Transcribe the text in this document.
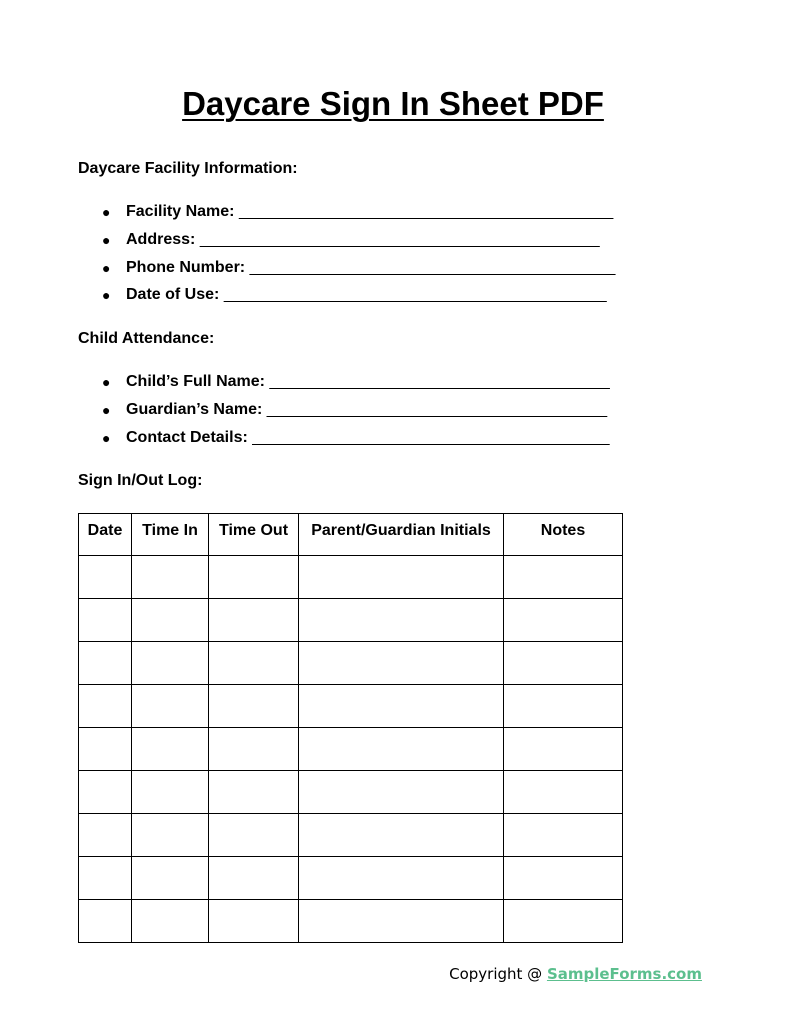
Daycare Sign In Sheet PDF
Daycare Facility Information:
● Facility Name: ____________________________________________
● Address: _______________________________________________
● Phone Number: ___________________________________________
● Date of Use: _____________________________________________
Child Attendance:
● Child’s Full Name: ________________________________________
● Guardian’s Name: ________________________________________
● Contact Details: __________________________________________
Sign In/Out Log:
Date	Time In	Time Out	Parent/Guardian Initials	Notes

Copyright @ SampleForms.com
